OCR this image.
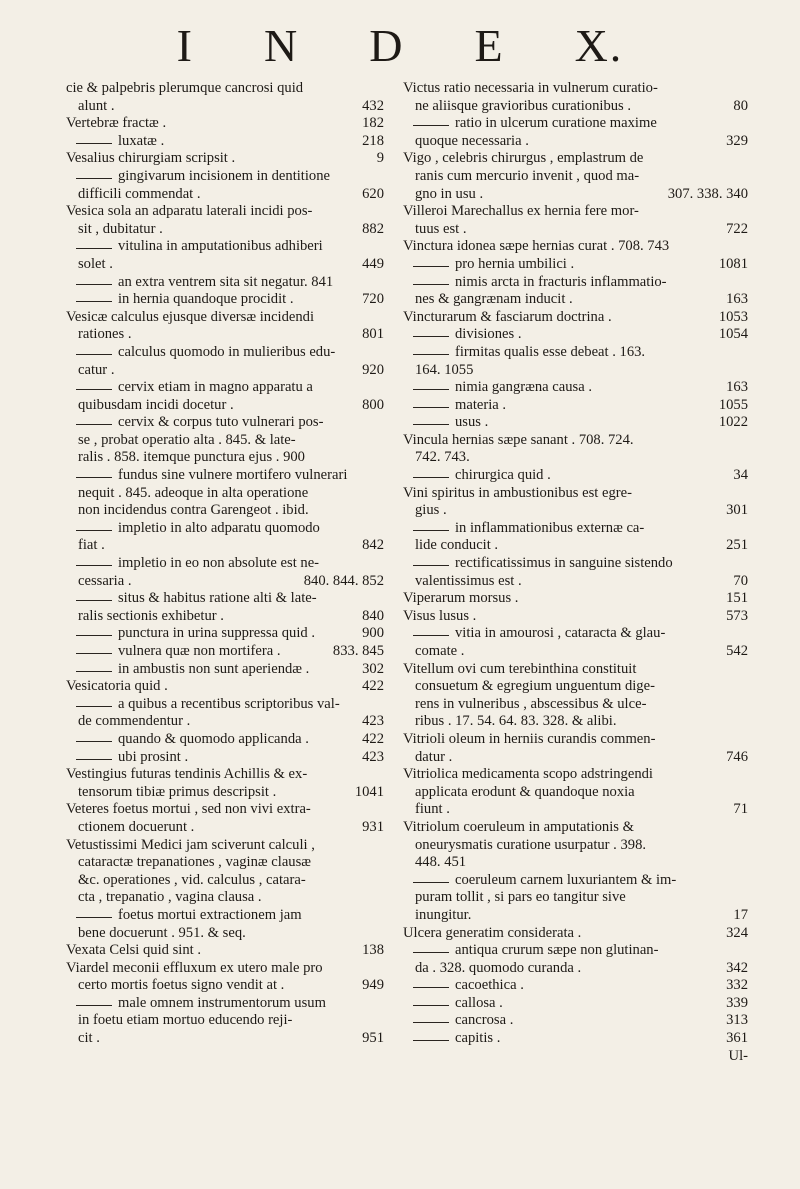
I N D E X.
cie & palpebris plerumque cancrosi quid
alunt .	432
Vertebræ fractæ .	182
luxatæ .	218
Vesalius chirurgiam scripsit .	9
gingivarum incisionem in dentitione
difficili commendat .	620
Vesica sola an adparatu laterali incidi pos-
sit , dubitatur .	882
vitulina in amputationibus adhiberi
solet .	449
an extra ventrem sita sit negatur. 841
in hernia quandoque procidit .	720
Vesicæ calculus ejusque diversæ incidendi
rationes .	801
calculus quomodo in mulieribus edu-
catur .	920
cervix etiam in magno apparatu a
quibusdam incidi docetur .	800
cervix & corpus tuto vulnerari pos-
se , probat operatio alta . 845. & late-
ralis . 858. itemque punctura ejus . 900
fundus sine vulnere mortifero vulnerari
nequit . 845. adeoque in alta operatione
non incidendus contra Garengeot . ibid.
impletio in alto adparatu quomodo
fiat .	842
impletio in eo non absolute est ne-
cessaria .	840. 844. 852
situs & habitus ratione alti & late-
ralis sectionis exhibetur .	840
punctura in urina suppressa quid .	900
vulnera quæ non mortifera .	833. 845
in ambustis non sunt aperiendæ .	302
Vesicatoria quid .	422
a quibus a recentibus scriptoribus val-
de commendentur .	423
quando & quomodo applicanda .	422
ubi prosint .	423
Vestingius futuras tendinis Achillis & ex-
tensorum tibiæ primus descripsit .	1041
Veteres foetus mortui , sed non vivi extra-
ctionem docuerunt .	931
Vetustissimi Medici jam sciverunt calculi ,
cataractæ trepanationes , vaginæ clausæ
&c. operationes , vid. calculus , catara-
cta , trepanatio , vagina clausa .
foetus mortui extractionem jam
bene docuerunt . 951. & seq.
Vexata Celsi quid sint .	138
Viardel meconii effluxum ex utero male pro
certo mortis foetus signo vendit at .	949
male omnem instrumentorum usum
in foetu etiam mortuo educendo reji-
cit .	951
Victus ratio necessaria in vulnerum curatio-
ne aliisque gravioribus curationibus .	80
ratio in ulcerum curatione maxime
quoque necessaria .	329
Vigo , celebris chirurgus , emplastrum de
ranis cum mercurio invenit , quod ma-
gno in usu .	307. 338. 340
Villeroi Marechallus ex hernia fere mor-
tuus est .	722
Vinctura idonea sæpe hernias curat . 708. 743
pro hernia umbilici .	1081
nimis arcta in fracturis inflammatio-
nes & gangrænam inducit .	163
Vincturarum & fasciarum doctrina .	1053
divisiones .	1054
firmitas qualis esse debeat . 163.
164. 1055
nimia gangræna causa .	163
materia .	1055
usus .	1022
Vincula hernias sæpe sanant . 708. 724.
742. 743.
chirurgica quid .	34
Vini spiritus in ambustionibus est egre-
gius .	301
in inflammationibus externæ ca-
lide conducit .	251
rectificatissimus in sanguine sistendo
valentissimus est .	70
Viperarum morsus .	151
Visus lusus .	573
vitia in amourosi , cataracta & glau-
comate .	542
Vitellum ovi cum terebinthina constituit
consuetum & egregium unguentum dige-
rens in vulneribus , abscessibus & ulce-
ribus . 17. 54. 64. 83. 328. & alibi.
Vitrioli oleum in herniis curandis commen-
datur .	746
Vitriolica medicamenta scopo adstringendi
applicata erodunt & quandoque noxia
fiunt .	71
Vitriolum coeruleum in amputationis &
oneurysmatis curatione usurpatur . 398.
448. 451
coeruleum carnem luxuriantem & im-
puram tollit , si pars eo tangitur sive
inungitur.	17
Ulcera generatim considerata .	324
antiqua crurum sæpe non glutinan-
da . 328. quomodo curanda .	342
cacoethica .	332
callosa .	339
cancrosa .	313
capitis .	361
Ul-
